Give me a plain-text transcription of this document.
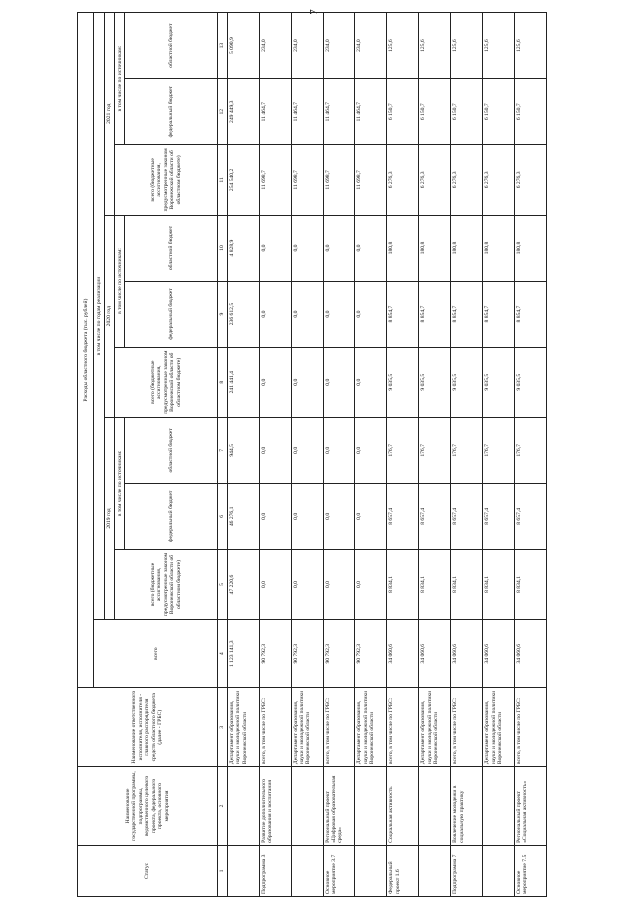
7
Статус	Наименование государственной программы, подпрограммы, ведомственного целевого проекта, федерального проекта, основного мероприятия	Наименование ответственного исполнителя, исполнителя - главного распорядителя средств областного бюджета (далее - ГРБС)	Расходы областного бюджета (тыс. рублей)									
			всего	в том числе по годам реализации								
				2019 год			2020 год			2021 год		
				всего (бюджетные ассигнования, предусмотренные законом Воронежской области об областном бюджете)	в том числе по источникам:		всего (бюджетные ассигнования, предусмотренные законом Воронежской области об областном бюджете)	в том числе по источникам:		всего (бюджетные ассигнования, предусмотренные законом Воронежской области об областном бюджете)	в том числе по источникам:	
					федеральный бюджет	областной бюджет		федеральный бюджет	областной бюджет		федеральный бюджет	областной бюджет
1	2	3	4	5	6	7	8	9	10	11	12	13
		Департамент образования, науки и молодежной политики Воронежской области	1 123 141,3	47 220,6	46 276,1	944,5	241 441,4	236 612,5	4 828,9	254 540,2	249 449,3	5 090,9
Подпрограмма 3	Развитие дополнительного образования и воспитания	всего, в том числе по ГРБС:	90 792,3	0,0	0,0	0,0	0,0	0,0	0,0	11 698,7	11 464,7	234,0
		Департамент образования, науки и молодежной политики Воронежской области	90 792,3	0,0	0,0	0,0	0,0	0,0	0,0	11 698,7	11 464,7	234,0
Основное мероприятие 3.7	Региональный проект «Цифровая образовательная среда»	всего, в том числе по ГРБС:	90 792,3	0,0	0,0	0,0	0,0	0,0	0,0	11 698,7	11 464,7	234,0
		Департамент образования, науки и молодежной политики Воронежской области	90 792,3	0,0	0,0	0,0	0,0	0,0	0,0	11 698,7	11 464,7	234,0
Федеральный проект 1.6	Социальная активность	всего, в том числе по ГРБС:	34 060,6	8 834,1	8 657,4	176,7	9 035,5	8 854,7	180,8	6 276,3	6 150,7	125,6
		Департамент образования, науки и молодежной политики Воронежской области	34 060,6	8 834,1	8 657,4	176,7	9 035,5	8 854,7	180,8	6 276,3	6 150,7	125,6
Подпрограмма 7	Вовлечение молодежи в социальную практику	всего, в том числе по ГРБС:	34 060,6	8 834,1	8 657,4	176,7	9 035,5	8 854,7	180,8	6 276,3	6 150,7	125,6
		Департамент образования, науки и молодежной политики Воронежской области	34 060,6	8 834,1	8 657,4	176,7	9 035,5	8 854,7	180,8	6 276,3	6 150,7	125,6
Основное мероприятие 7.5	Региональный проект «Социальная активность»	всего, в том числе по ГРБС:	34 060,6	8 834,1	8 657,4	176,7	9 035,5	8 854,7	180,8	6 276,3	6 150,7	125,6
